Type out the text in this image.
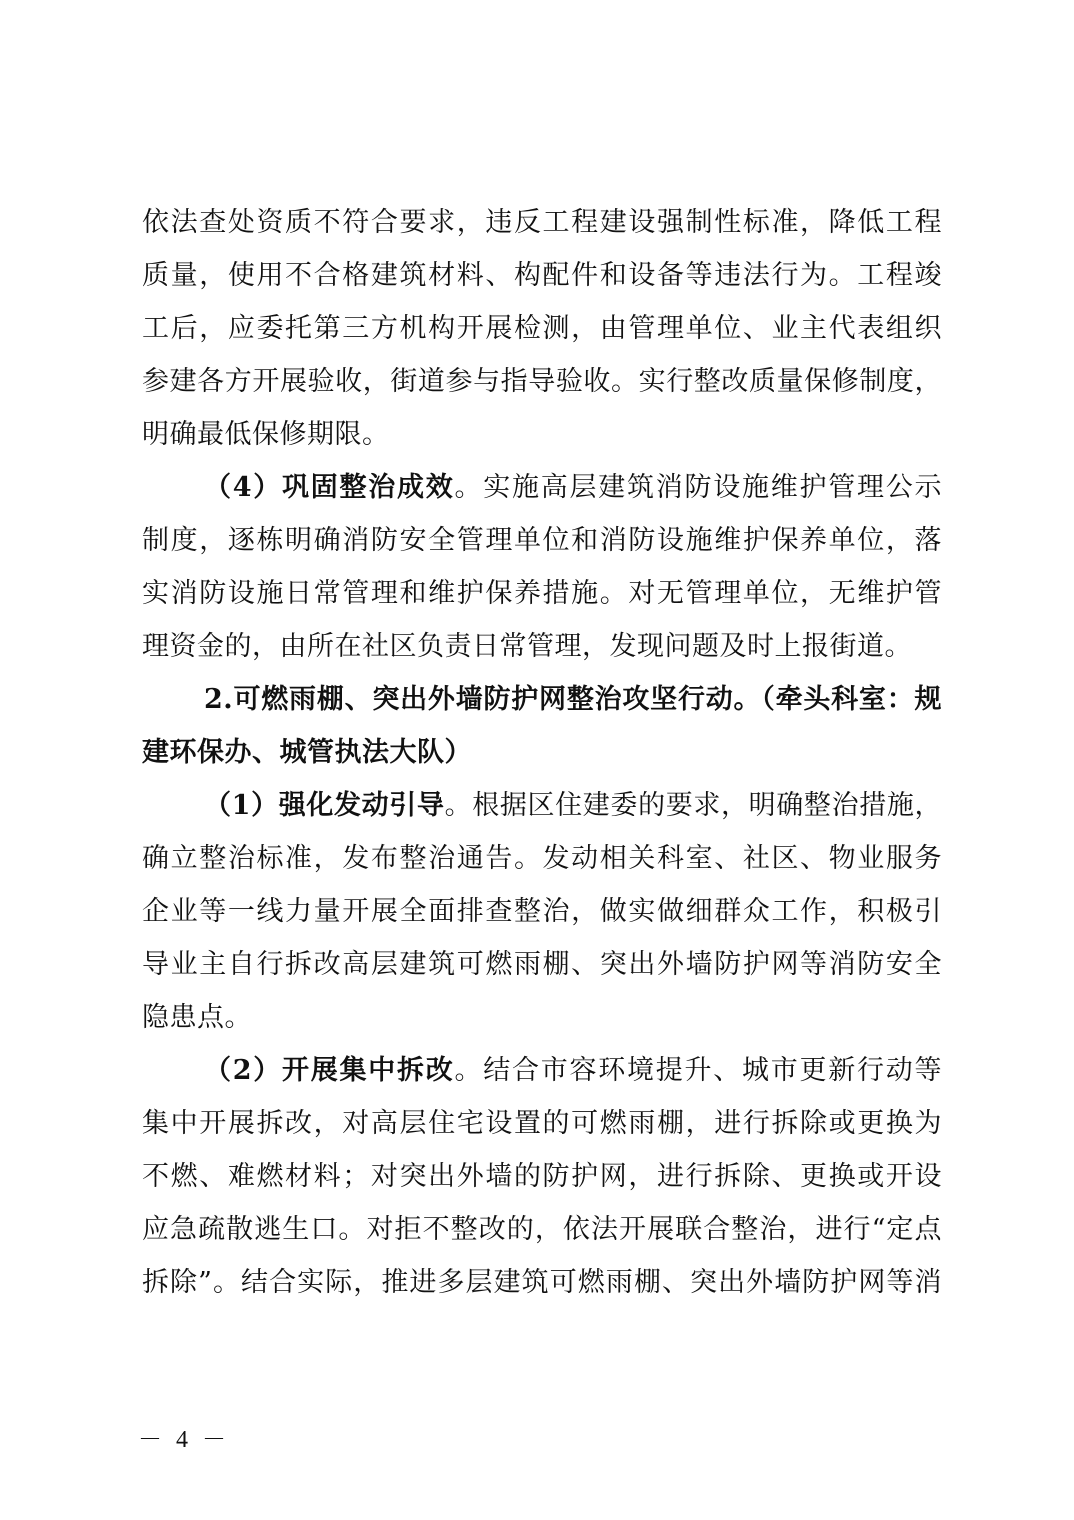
依法查处资质不符合要求，违反工程建设强制性标准，降低工程
质量，使用不合格建筑材料、构配件和设备等违法行为。工程竣
工后，应委托第三方机构开展检测，由管理单位、业主代表组织
参建各方开展验收，街道参与指导验收。实行整改质量保修制度，
明确最低保修期限。
（4）巩固整治成效。实施高层建筑消防设施维护管理公示
制度，逐栋明确消防安全管理单位和消防设施维护保养单位，落
实消防设施日常管理和维护保养措施。对无管理单位，无维护管
理资金的，由所在社区负责日常管理，发现问题及时上报街道。
2.可燃雨棚、突出外墙防护网整治攻坚行动。（牵头科室：规
建环保办、城管执法大队）
（1）强化发动引导。根据区住建委的要求，明确整治措施，
确立整治标准，发布整治通告。发动相关科室、社区、物业服务
企业等一线力量开展全面排查整治，做实做细群众工作，积极引
导业主自行拆改高层建筑可燃雨棚、突出外墙防护网等消防安全
隐患点。
（2）开展集中拆改。结合市容环境提升、城市更新行动等
集中开展拆改，对高层住宅设置的可燃雨棚，进行拆除或更换为
不燃、难燃材料；对突出外墙的防护网，进行拆除、更换或开设
应急疏散逃生口。对拒不整改的，依法开展联合整治，进行“定点
拆除”。结合实际，推进多层建筑可燃雨棚、突出外墙防护网等消
－ 4 －
